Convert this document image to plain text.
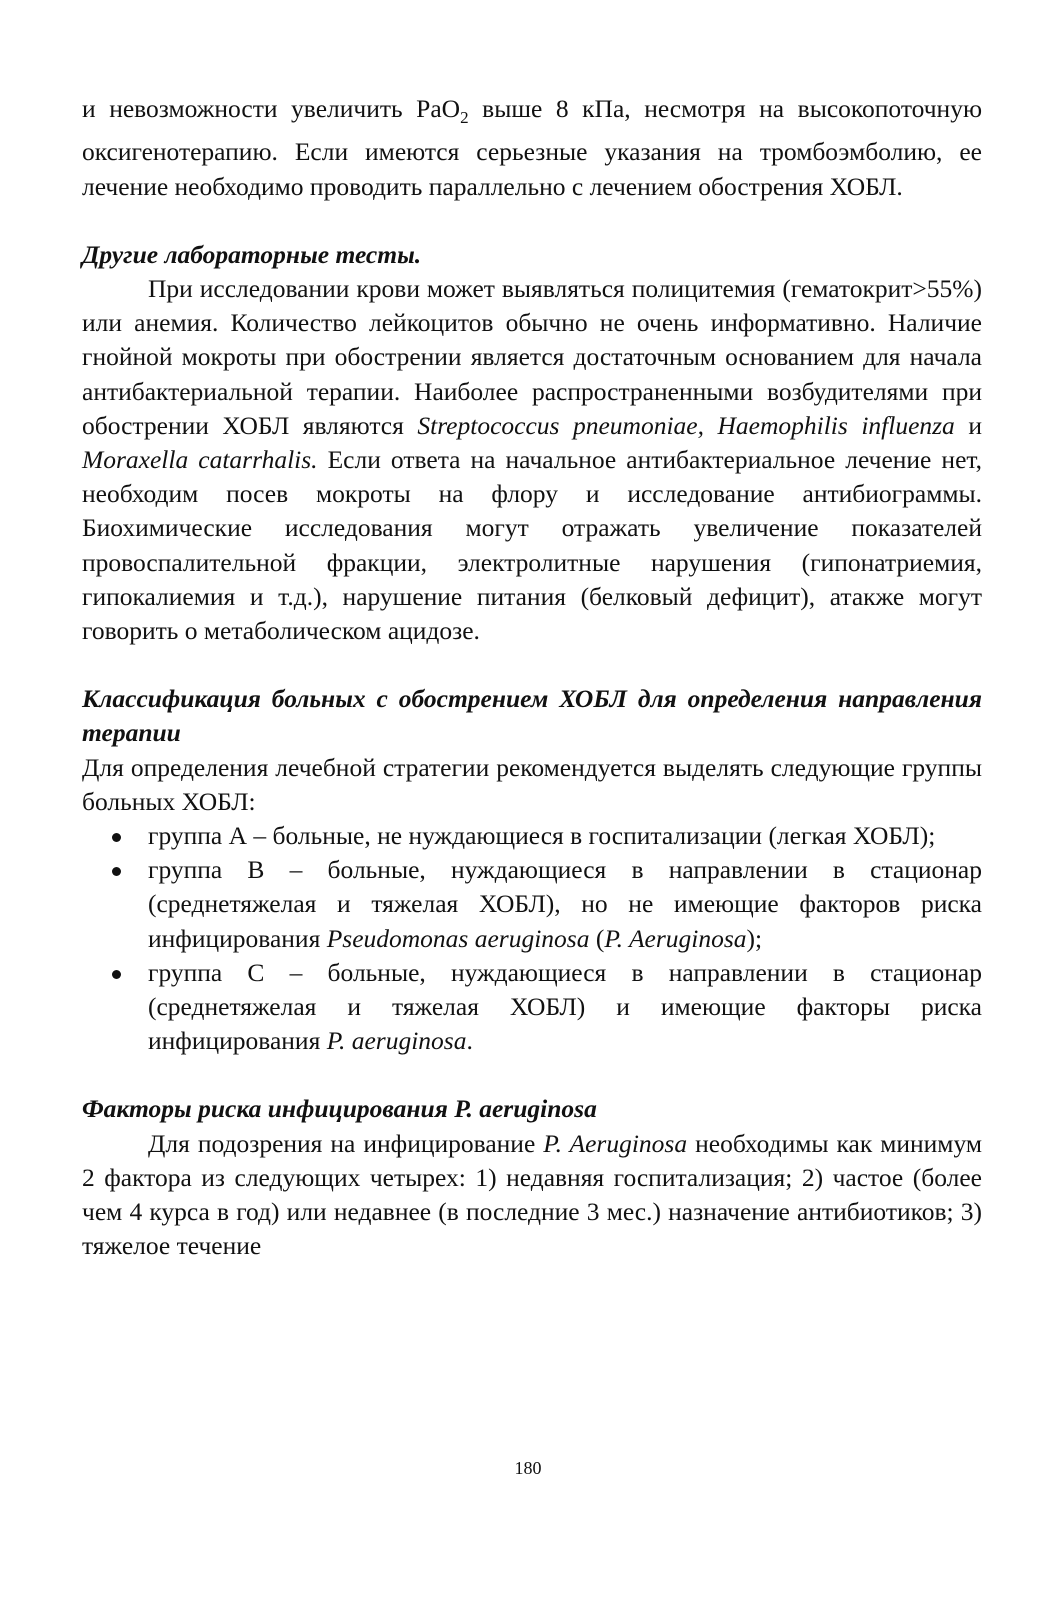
и невозможности увеличить PaO$_2$ выше 8 кПа, несмотря на высокопоточную оксигенотерапию. Если имеются серьезные указания на тромбоэмболию, ее лечение необходимо проводить параллельно с лечением обострения ХОБЛ.

Другие лабораторные тесты.

При исследовании крови может выявляться полицитемия (гематокрит>55%) или анемия. Количество лейкоцитов обычно не очень информативно. Наличие гнойной мокроты при обострении является достаточным основанием для начала антибактериальной терапии. Наиболее распространенными возбудителями при обострении ХОБЛ являются Streptococcus pneumoniae, Haemophilis influenza и Moraxella catarrhalis. Если ответа на начальное антибактериальное лечение нет, необходим посев мокроты на флору и исследование антибиограммы. Биохимические исследования могут отражать увеличение показателей провоспалительной фракции, электролитные нарушения (гипонатриемия, гипокалиемия и т.д.), нарушение питания (белковый дефицит), атакже могут говорить о метаболическом ацидозе.

Классификация больных с обострением ХОБЛ для определения направления терапии

Для определения лечебной стратегии рекомендуется выделять следующие группы больных ХОБЛ:

группа А – больные, не нуждающиеся в госпитализации (легкая ХОБЛ);
группа В – больные, нуждающиеся в направлении в стационар (среднетяжелая и тяжелая ХОБЛ), но не имеющие факторов риска инфицирования Pseudomonas aeruginosa (P. Aeruginosa);
группа С – больные, нуждающиеся в направлении в стационар (среднетяжелая и тяжелая ХОБЛ) и имеющие факторы риска инфицирования P. aeruginosa.

Факторы риска инфицирования P. aeruginosa

Для подозрения на инфицирование P. Aeruginosa необходимы как минимум 2 фактора из следующих четырех: 1) недавняя госпитализация; 2) частое (более чем 4 курса в год) или недавнее (в последние 3 мес.) назначение антибиотиков; 3) тяжелое течение

180
